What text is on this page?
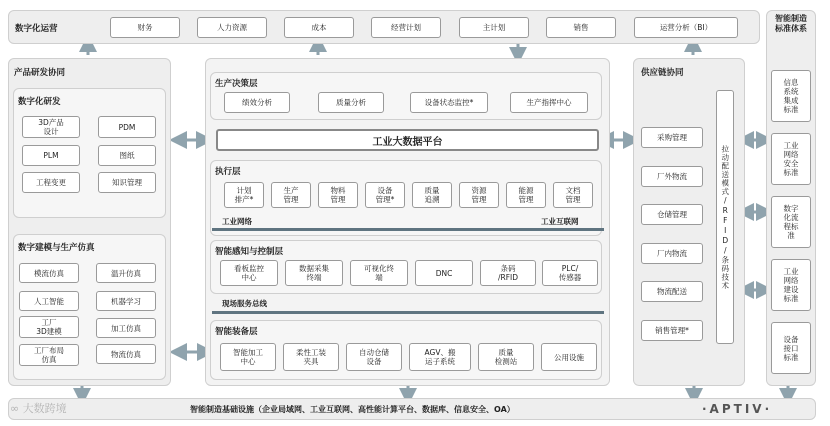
数字化运营	财务	人力资源	成本	经营计划	主计划	销售	运营分析（BI）
产品研发协同
数字化研发
3D产品
设计	PDM
PLM	图纸
工程变更	知识管理
数字建模与生产仿真
模流仿真	温升仿真
人工智能	机器学习
工厂
3D建模	加工仿真
工厂布局
仿真
物流仿真
生产决策层
绩效分析	质量分析	设备状态监控*	生产指挥中心
工业大数据平台
执行层
计划
排产*
生产
管理
物料
管理
设备
管理*
质量
追溯
资源
管理
能源
管理
文档
管理
工业网络	工业互联网
智能感知与控制层
看板监控
中心
数据采集
终端
可视化终
端	DNC	条码
/RFID
PLC/
传感器
现场服务总线
智能装备层
智能加工
中心
柔性工装
夹具
自动仓储
设备
AGV、搬
运子系统
质量
检测站	公用设施
供应链协同
采购管理
厂外物流
仓储管理
厂内物流
物流配送
销售管理*
拉动配送模式/RFID/条码技术
智能制造标准体系
信息系统集成标准
工业网络安全标准
数字化流程标准
工业网络建设标准
设备接口标准
智能制造基础设施（企业局域网、工业互联网、高性能计算平台、数据库、信息安全、OA）
∞ 大数跨境	·APTIV·
